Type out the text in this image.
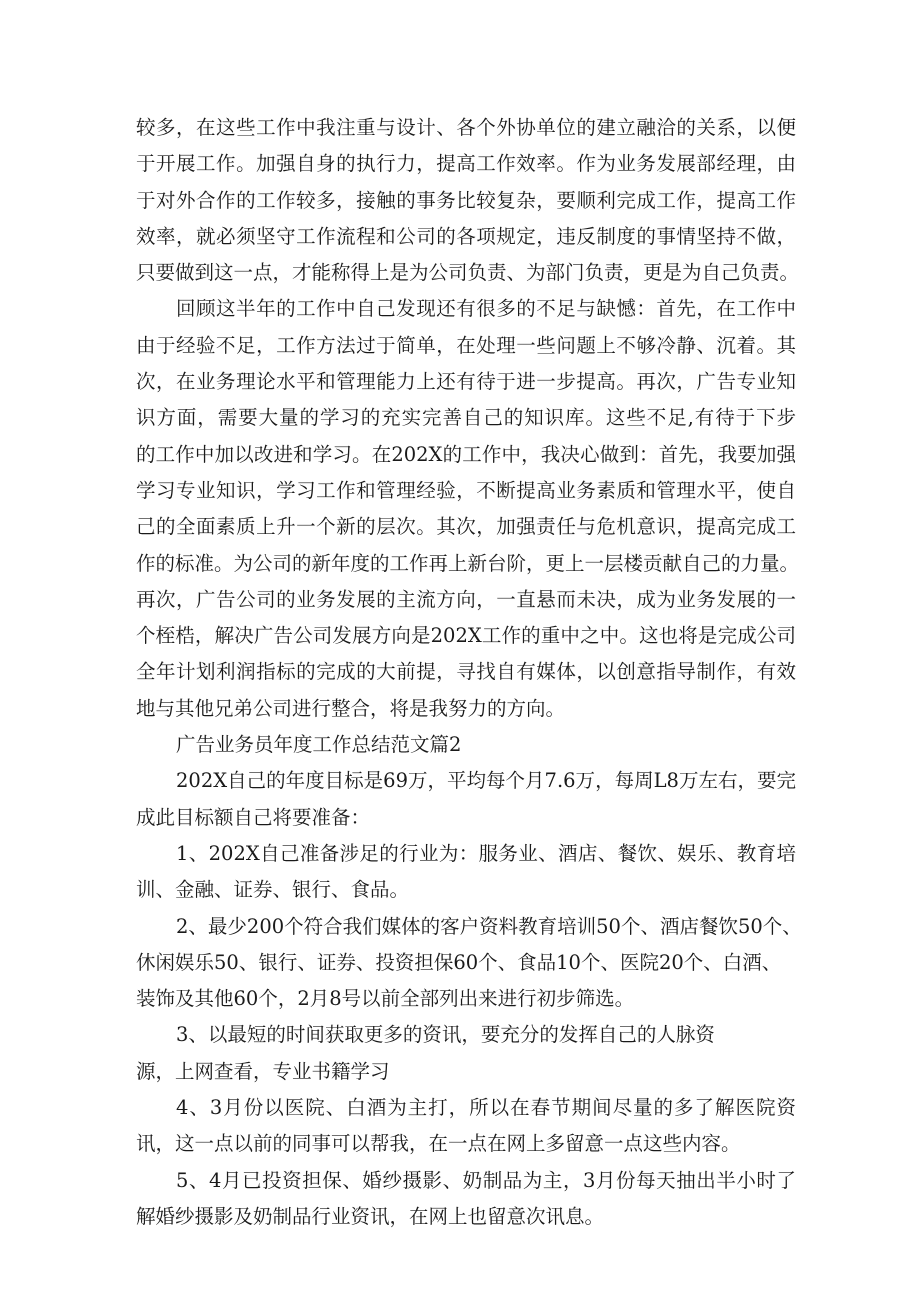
较多，在这些工作中我注重与设计、各个外协单位的建立融洽的关系，以便

于开展工作。加强自身的执行力，提高工作效率。作为业务发展部经理，由

于对外合作的工作较多，接触的事务比较复杂，要顺利完成工作，提高工作

效率，就必须坚守工作流程和公司的各项规定，违反制度的事情坚持不做，

只要做到这一点，才能称得上是为公司负责、为部门负责，更是为自己负责。

回顾这半年的工作中自己发现还有很多的不足与缺憾：首先，在工作中

由于经验不足，工作方法过于简单，在处理一些问题上不够冷静、沉着。其

次，在业务理论水平和管理能力上还有待于进一步提高。再次，广告专业知

识方面，需要大量的学习的充实完善自己的知识库。这些不足,有待于下步

的工作中加以改进和学习。在202X的工作中，我决心做到：首先，我要加强

学习专业知识，学习工作和管理经验，不断提高业务素质和管理水平，使自

己的全面素质上升一个新的层次。其次，加强责任与危机意识，提高完成工

作的标准。为公司的新年度的工作再上新台阶，更上一层楼贡献自己的力量。

再次，广告公司的业务发展的主流方向，一直悬而未决，成为业务发展的一

个桎梏，解决广告公司发展方向是202X工作的重中之中。这也将是完成公司

全年计划利润指标的完成的大前提，寻找自有媒体，以创意指导制作，有效

地与其他兄弟公司进行整合，将是我努力的方向。

广告业务员年度工作总结范文篇2

202X自己的年度目标是69万，平均每个月7.6万，每周L8万左右，要完

成此目标额自己将要准备：

1、202X自己准备涉足的行业为：服务业、酒店、餐饮、娱乐、教育培

训、金融、证券、银行、食品。

2、最少200个符合我们媒体的客户资料教育培训50个、酒店餐饮50个、

休闲娱乐50、银行、证券、投资担保60个、食品10个、医院20个、白酒、

装饰及其他60个，2月8号以前全部列出来进行初步筛选。

3、以最短的时间获取更多的资讯，要充分的发挥自己的人脉资

源，上网查看，专业书籍学习

4、3月份以医院、白酒为主打，所以在春节期间尽量的多了解医院资

讯，这一点以前的同事可以帮我，在一点在网上多留意一点这些内容。

5、4月已投资担保、婚纱摄影、奶制品为主，3月份每天抽出半小时了

解婚纱摄影及奶制品行业资讯，在网上也留意次讯息。
